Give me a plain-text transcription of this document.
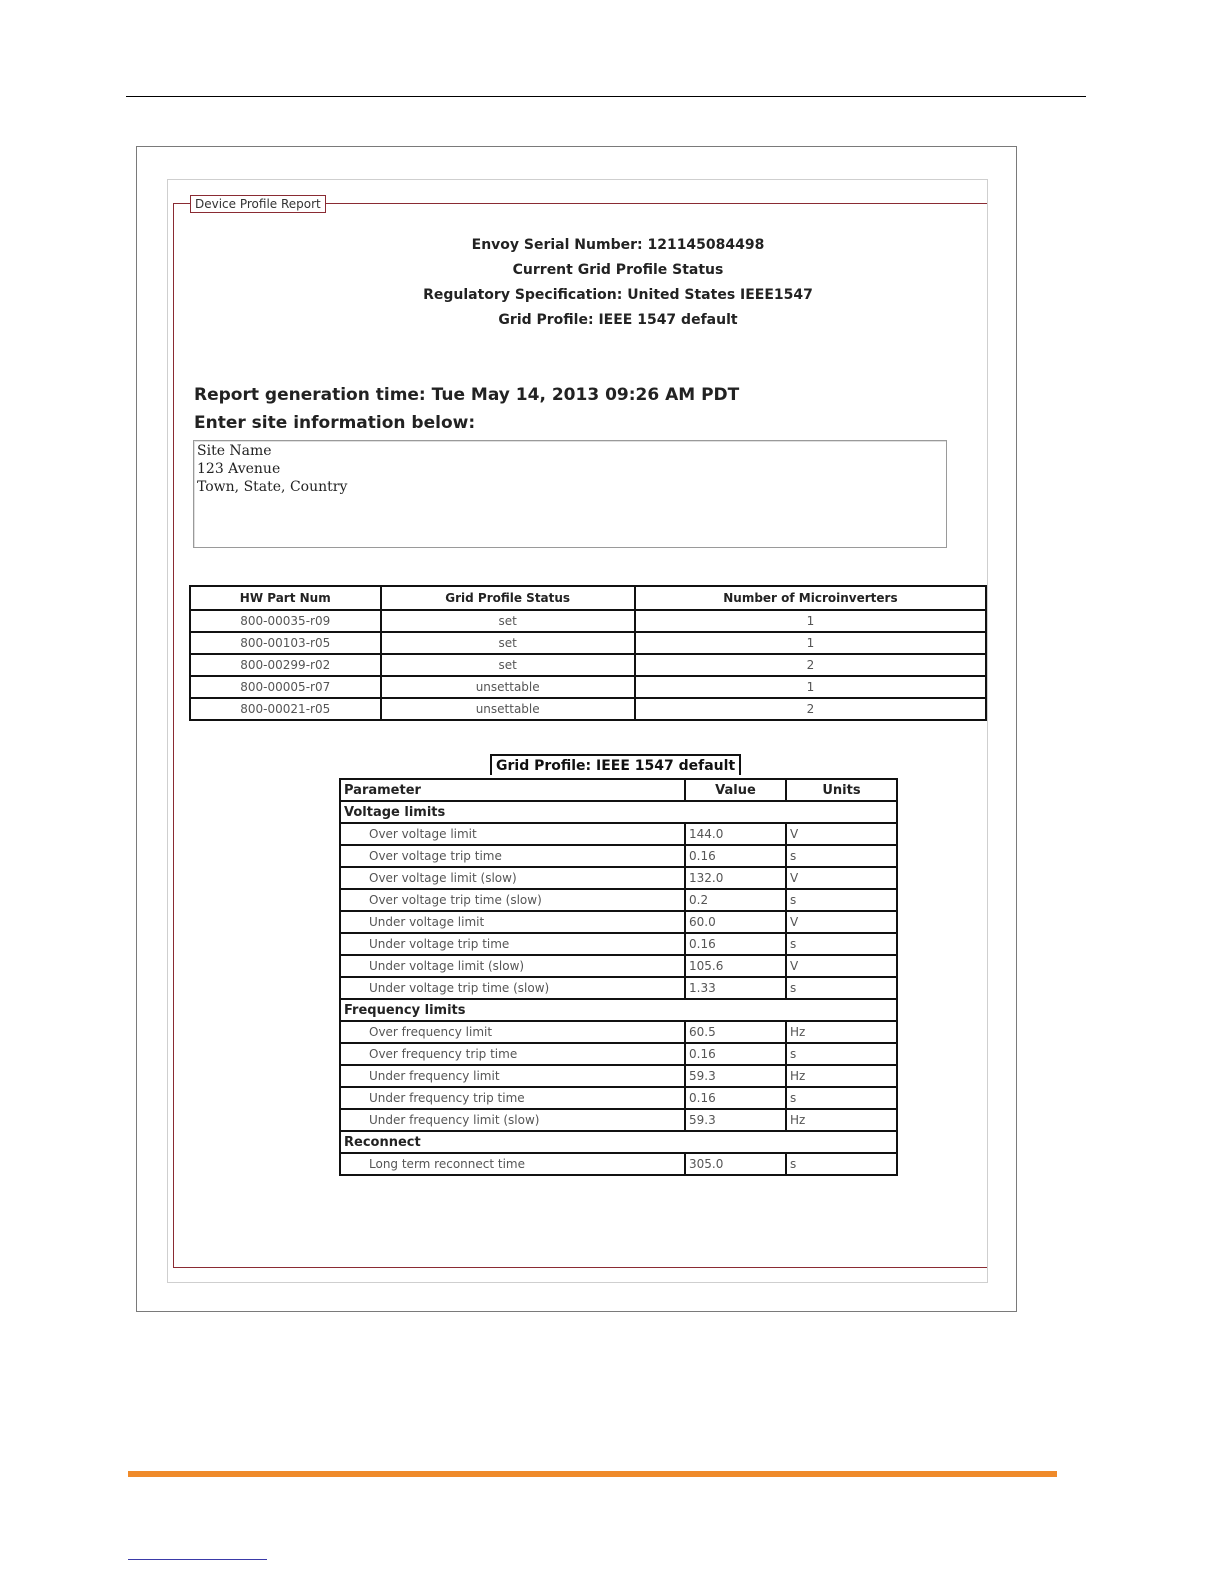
Device Profile Report
Envoy Serial Number: 121145084498
Current Grid Profile Status
Regulatory Specification: United States IEEE1547
Grid Profile: IEEE 1547 default
Report generation time: Tue May 14, 2013 09:26 AM PDT
Enter site information below:
Site Name
123 Avenue
Town, State, Country
HW Part Num	Grid Profile Status	Number of Microinverters
800-00035-r09	set	1
800-00103-r05	set	1
800-00299-r02	set	2
800-00005-r07	unsettable	1
800-00021-r05	unsettable	2
Grid Profile: IEEE 1547 default
Parameter	Value	Units
Voltage limits		
Over voltage limit	144.0	V
Over voltage trip time	0.16	s
Over voltage limit (slow)	132.0	V
Over voltage trip time (slow)	0.2	s
Under voltage limit	60.0	V
Under voltage trip time	0.16	s
Under voltage limit (slow)	105.6	V
Under voltage trip time (slow)	1.33	s
Frequency limits		
Over frequency limit	60.5	Hz
Over frequency trip time	0.16	s
Under frequency limit	59.3	Hz
Under frequency trip time	0.16	s
Under frequency limit (slow)	59.3	Hz
Reconnect		
Long term reconnect time	305.0	s
